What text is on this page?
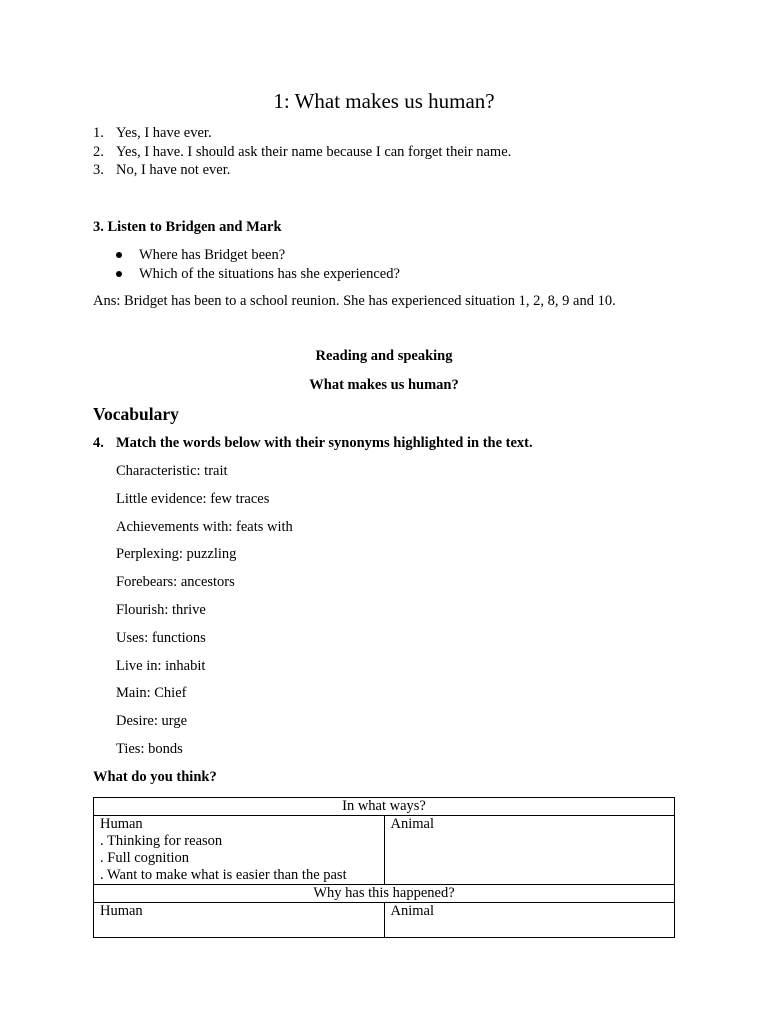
1: What makes us human?
1. Yes, I have ever.
2. Yes, I have. I should ask their name because I can forget their name.
3. No, I have not ever.
3. Listen to Bridgen and Mark
Where has Bridget been?
Which of the situations has she experienced?
Ans: Bridget has been to a school reunion. She has experienced situation 1, 2, 8, 9 and 10.
Reading and speaking
What makes us human?
Vocabulary
4. Match the words below with their synonyms highlighted in the text.
Characteristic: trait
Little evidence: few traces
Achievements with: feats with
Perplexing: puzzling
Forebears: ancestors
Flourish: thrive
Uses: functions
Live in: inhabit
Main: Chief
Desire: urge
Ties: bonds
What do you think?
In what ways?	

Human
. Thinking for reason
. Full cognition
. Want to make what is easier than the past	Animal

Why has this happened?	

Human	Animal
